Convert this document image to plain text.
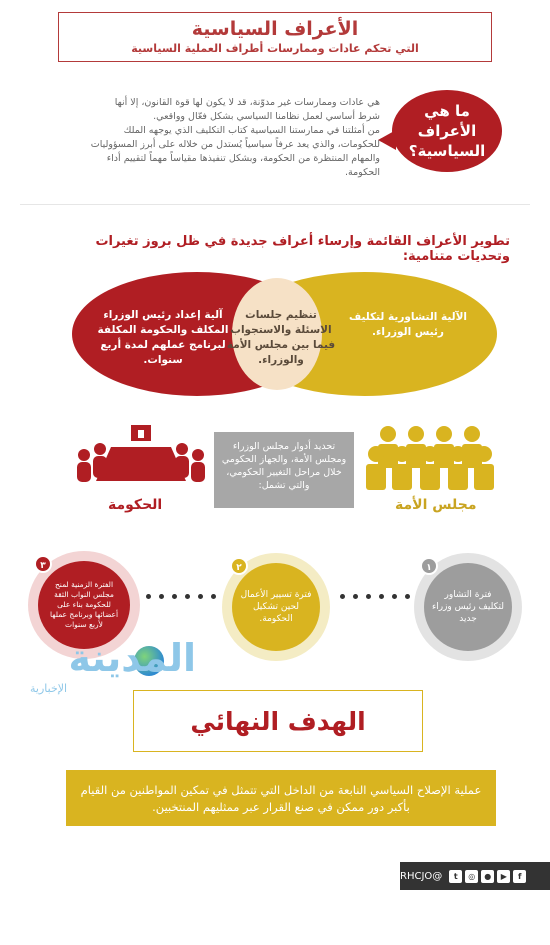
الأعراف السياسية
التي تحكم عادات وممارسات أطراف العملية السياسية
ما هي الأعراف السياسية؟

هي عادات وممارسات غير مدوّنة، قد لا يكون لها قوة القانون، إلا أنها شرط أساسي لعمل نظامنا السياسي بشكل فعّال وواقعي.

من أمثلتنا في ممارستنا السياسية كتاب التكليف الذي يوجهه الملك للحكومات، والذي يعد عرفاً سياسياً يُستدل من خلاله على أبرز المسؤوليات والمهام المنتظرة من الحكومة، وبشكل تنفيذها مقياساً مهماً لتقييم أداء الحكومة.

تطوير الأعراف القائمة وإرساء أعراف جديدة في ظل بروز تغيرات وتحديات متنامية:
آلية إعداد رئيس الوزراء المكلف والحكومة المكلفة لبرنامج عملهم لمدة أربع سنوات.
تنظيم جلسات الاسئلة والاستجواب فيما بين مجلس الأمة والوزراء.
الآلية التشاورية لتكليف رئيس الوزراء.
الحكومة	مجلس الأمة
تحديد أدوار مجلس الوزراء ومجلس الأمة، والجهاز الحكومي خلال مراحل التغيير الحكومي، والتي تشمل:
فترة التشاور لتكليف رئيس وزراء جديد
١
فترة تسيير الأعمال لحين تشكيل الحكومة.
٢
الفترة الزمنية لمنح مجلس النواب الثقة للحكومة بناء على أعضائها وبرنامج عملها لأربع سنوات
٣
المدينة
الإخبارية
الهدف النهائي
عملية الإصلاح السياسي النابعة من الداخل التي تتمثل في تمكين المواطنين من القيام بأكبر دور ممكن في صنع القرار عبر ممثليهم المنتخبين.
f
▶
●
◎
t
@RHCJO
